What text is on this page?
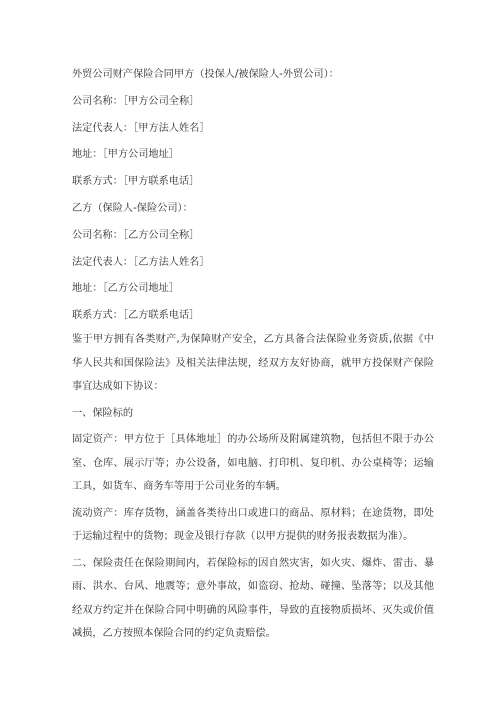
外贸公司财产保险合同甲方（投保人/被保险人-外贸公司）：
公司名称：［甲方公司全称］
法定代表人：［甲方法人姓名］
地址：［甲方公司地址］
联系方式：［甲方联系电话］
乙方（保险人-保险公司）：
公司名称：［乙方公司全称］
法定代表人：［乙方法人姓名］
地址：［乙方公司地址］
联系方式：［乙方联系电话］
鉴于甲方拥有各类财产,为保障财产安全，乙方具备合法保险业务资质,依据《中华人民共和国保险法》及相关法律法规，经双方友好协商，就甲方投保财产保险事宜达成如下协议：
一、保险标的
固定资产：甲方位于［具体地址］的办公场所及附属建筑物，包括但不限于办公室、仓库、展示厅等；办公设备，如电脑、打印机、复印机、办公桌椅等；运输工具，如货车、商务车等用于公司业务的车辆。
流动资产：库存货物，涵盖各类待出口或进口的商品、原材料；在途货物，即处于运输过程中的货物；现金及银行存款（以甲方提供的财务报表数据为准）。
二、保险责任在保险期间内，若保险标的因自然灾害，如火灾、爆炸、雷击、暴雨、洪水、台风、地震等；意外事故，如盗窃、抢劫、碰撞、坠落等；以及其他经双方约定并在保险合同中明确的风险事件，导致的直接物质损坏、灭失或价值减损，乙方按照本保险合同的约定负责赔偿。
